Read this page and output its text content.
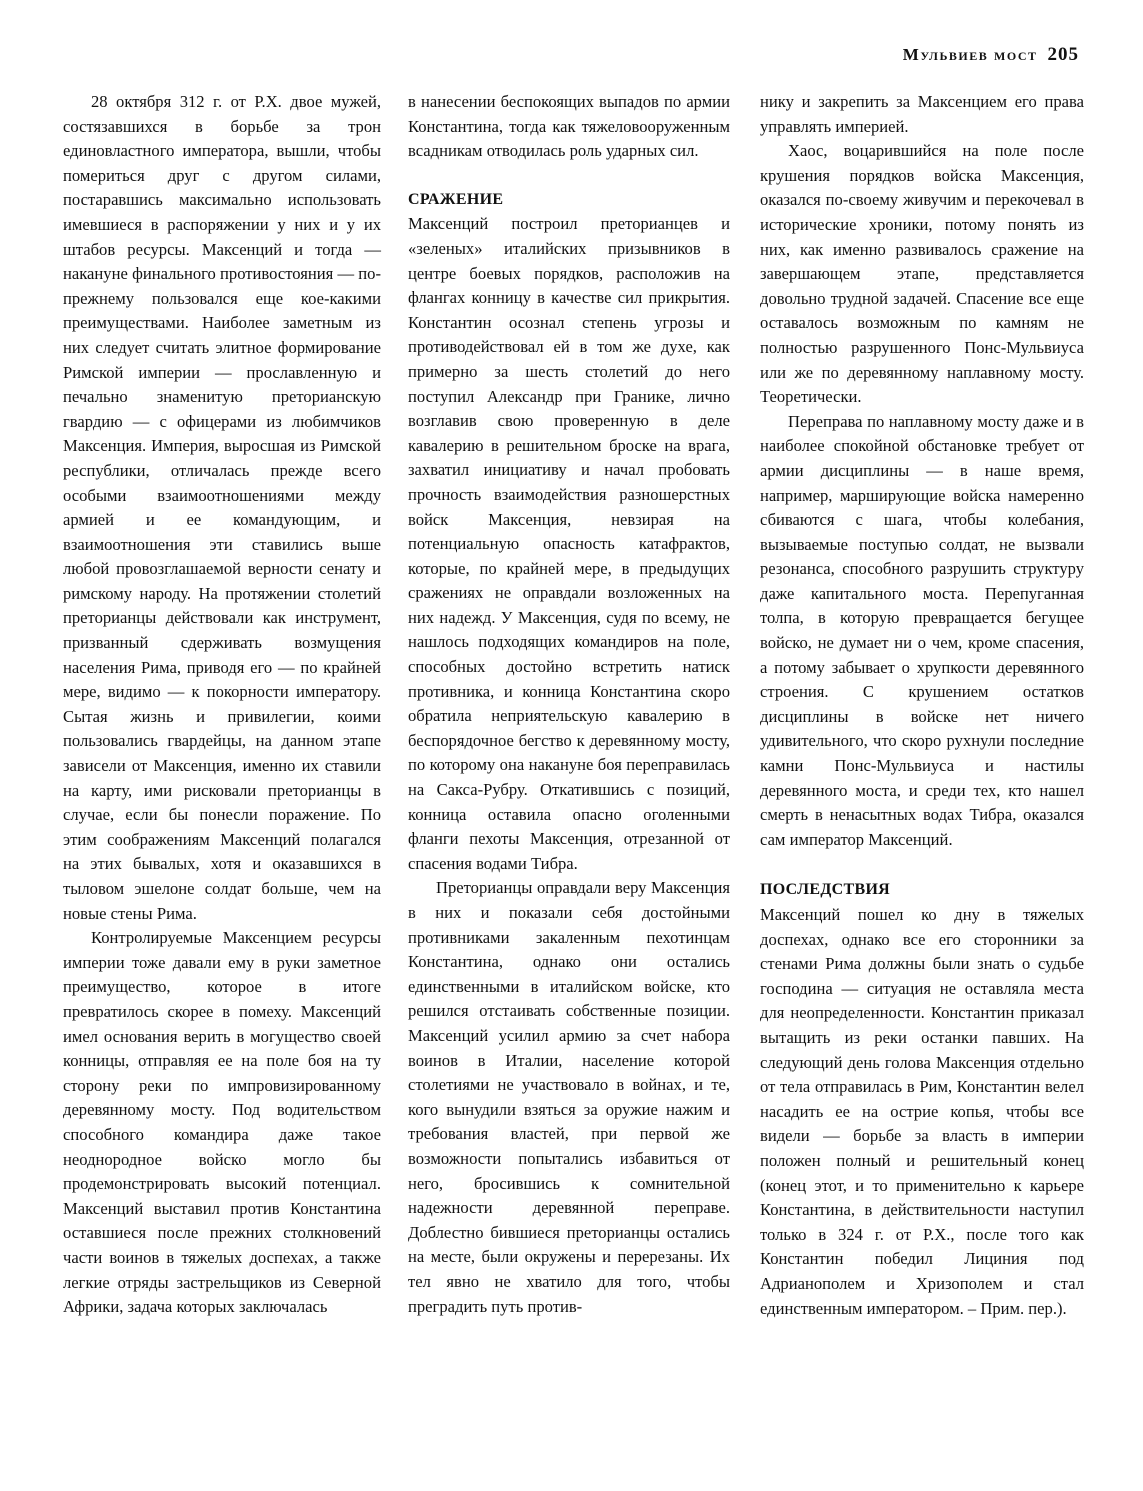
Мульвиев мост 205

28 октября 312 г. от Р.Х. двое мужей, состязавшихся в борьбе за трон единовластного императора, вышли, чтобы помериться друг с другом силами, постаравшись максимально использовать имевшиеся в распоряжении у них и у их штабов ресурсы. Максенций и тогда — накануне финального противостояния — по-прежнему пользовался еще кое-какими преимуществами. Наиболее заметным из них следует считать элитное формирование Римской империи — прославленную и печально знаменитую преторианскую гвардию — с офицерами из любимчиков Максенция. Империя, выросшая из Римской республики, отличалась прежде всего особыми взаимоотношениями между армией и ее командующим, и взаимоотношения эти ставились выше любой провозглашаемой верности сенату и римскому народу. На протяжении столетий преторианцы действовали как инструмент, призванный сдерживать возмущения населения Рима, приводя его — по крайней мере, видимо — к покорности императору. Сытая жизнь и привилегии, коими пользовались гвардейцы, на данном этапе зависели от Максенция, именно их ставили на карту, ими рисковали преторианцы в случае, если бы понесли поражение. По этим соображениям Максенций полагался на этих бывалых, хотя и оказавшихся в тыловом эшелоне солдат больше, чем на новые стены Рима.

Контролируемые Максенцием ресурсы империи тоже давали ему в руки заметное преимущество, которое в итоге превратилось скорее в помеху. Максенций имел основания верить в могущество своей конницы, отправляя ее на поле боя на ту сторону реки по импровизированному деревянному мосту. Под водительством способного командира даже такое неоднородное войско могло бы продемонстрировать высокий потенциал. Максенций выставил против Константина оставшиеся после прежних столкновений части воинов в тяжелых доспехах, а также легкие отряды застрельщиков из Северной Африки, задача которых заключалась

в нанесении беспокоящих выпадов по армии Константина, тогда как тяжеловооруженным всадникам отводилась роль ударных сил.

СРАЖЕНИЕ

Максенций построил преторианцев и «зеленых» италийских призывников в центре боевых порядков, расположив на флангах конницу в качестве сил прикрытия. Константин осознал степень угрозы и противодействовал ей в том же духе, как примерно за шесть столетий до него поступил Александр при Гранике, лично возглавив свою проверенную в деле кавалерию в решительном броске на врага, захватил инициативу и начал пробовать прочность взаимодействия разношерстных войск Максенция, невзирая на потенциальную опасность катафрактов, которые, по крайней мере, в предыдущих сражениях не оправдали возложенных на них надежд. У Максенция, судя по всему, не нашлось подходящих командиров на поле, способных достойно встретить натиск противника, и конница Константина скоро обратила неприятельскую кавалерию в беспорядочное бегство к деревянному мосту, по которому она накануне боя переправилась на Сакса-Рубру. Откатившись с позиций, конница оставила опасно оголенными фланги пехоты Максенция, отрезанной от спасения водами Тибра.

Преторианцы оправдали веру Максенция в них и показали себя достойными противниками закаленным пехотинцам Константина, однако они остались единственными в италийском войске, кто решился отстаивать собственные позиции. Максенций усилил армию за счет набора воинов в Италии, население которой столетиями не участвовало в войнах, и те, кого вынудили взяться за оружие нажим и требования властей, при первой же возможности попытались избавиться от него, бросившись к сомнительной надежности деревянной переправе. Доблестно бившиеся преторианцы остались на месте, были окружены и перерезаны. Их тел явно не хватило для того, чтобы преградить путь против-

нику и закрепить за Максенцием его права управлять империей.

Хаос, воцарившийся на поле после крушения порядков войска Максенция, оказался по-своему живучим и перекочевал в исторические хроники, потому понять из них, как именно развивалось сражение на завершающем этапе, представляется довольно трудной задачей. Спасение все еще оставалось возможным по камням не полностью разрушенного Понс-Мульвиуса или же по деревянному наплавному мосту. Теоретически.

Переправа по наплавному мосту даже и в наиболее спокойной обстановке требует от армии дисциплины — в наше время, например, марширующие войска намеренно сбиваются с шага, чтобы колебания, вызываемые поступью солдат, не вызвали резонанса, способного разрушить структуру даже капитального моста. Перепуганная толпа, в которую превращается бегущее войско, не думает ни о чем, кроме спасения, а потому забывает о хрупкости деревянного строения. С крушением остатков дисциплины в войске нет ничего удивительного, что скоро рухнули последние камни Понс-Мульвиуса и настилы деревянного моста, и среди тех, кто нашел смерть в ненасытных водах Тибра, оказался сам император Максенций.

ПОСЛЕДСТВИЯ

Максенций пошел ко дну в тяжелых доспехах, однако все его сторонники за стенами Рима должны были знать о судьбе господина — ситуация не оставляла места для неопределенности. Константин приказал вытащить из реки останки павших. На следующий день голова Максенция отдельно от тела отправилась в Рим, Константин велел насадить ее на острие копья, чтобы все видели — борьбе за власть в империи положен полный и решительный конец (конец этот, и то применительно к карьере Константина, в действительности наступил только в 324 г. от Р.Х., после того как Константин победил Лициния под Адрианополем и Хризополем и стал единственным императором. – Прим. пер.).
